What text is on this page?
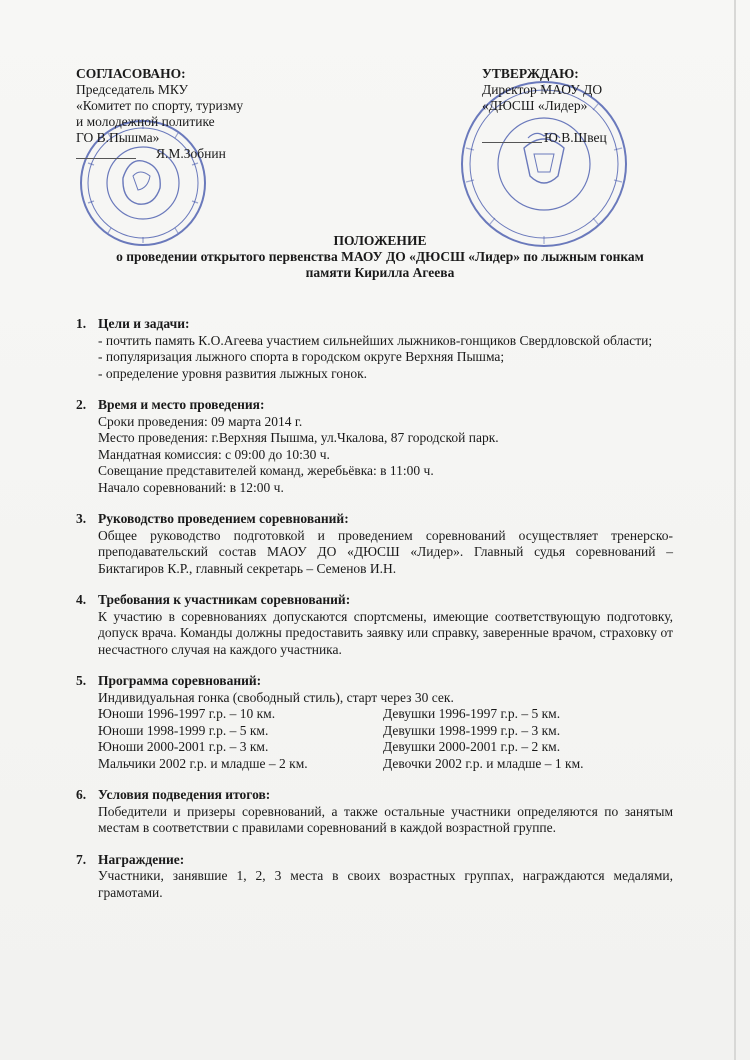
СОГЛАСОВАНО:
Председатель МКУ
«Комитет по спорту, туризму
и молодежной политике
ГО В.Пышма»
Я.М.Зобнин
УТВЕРЖДАЮ:
Директор МАОУ ДО
«ДЮСШ «Лидер»
Ю.В.Швец
ПОЛОЖЕНИЕ
о проведении открытого первенства МАОУ ДО «ДЮСШ «Лидер» по лыжным гонкам
памяти Кирилла Агеева
1. Цели и задачи:
- почтить память К.О.Агеева участием сильнейших лыжников-гонщиков Свердловской области;
- популяризация лыжного спорта в городском округе Верхняя Пышма;
- определение уровня развития лыжных гонок.
2. Время и место проведения:
Сроки проведения: 09 марта 2014 г.
Место проведения: г.Верхняя Пышма, ул.Чкалова, 87 городской парк.
Мандатная комиссия: с 09:00 до 10:30 ч.
Совещание представителей команд, жеребьёвка: в 11:00 ч.
Начало соревнований: в 12:00 ч.
3. Руководство проведением соревнований:
Общее руководство подготовкой и проведением соревнований осуществляет тренерско-преподавательский состав МАОУ ДО «ДЮСШ «Лидер». Главный судья соревнований – Биктагиров К.Р., главный секретарь – Семенов И.Н.
4. Требования к участникам соревнований:
К участию в соревнованиях допускаются спортсмены, имеющие соответствующую подготовку, допуск врача. Команды должны предоставить заявку или справку, заверенные врачом, страховку от несчастного случая на каждого участника.
5. Программа соревнований:
Индивидуальная гонка (свободный стиль), старт через 30 сек.
Юноши 1996-1997 г.р. – 10 км.	Девушки 1996-1997 г.р. – 5 км.
Юноши 1998-1999 г.р. – 5 км.	Девушки 1998-1999 г.р. – 3 км.
Юноши 2000-2001 г.р. – 3 км.	Девушки 2000-2001 г.р. – 2 км.
Мальчики 2002 г.р. и младше – 2 км.	Девочки 2002 г.р. и младше – 1 км.
6. Условия подведения итогов:
Победители и призеры соревнований, а также остальные участники определяются по занятым местам в соответствии с правилами соревнований в каждой возрастной группе.
7. Награждение:
Участники, занявшие 1, 2, 3 места в своих возрастных группах, награждаются медалями, грамотами.
